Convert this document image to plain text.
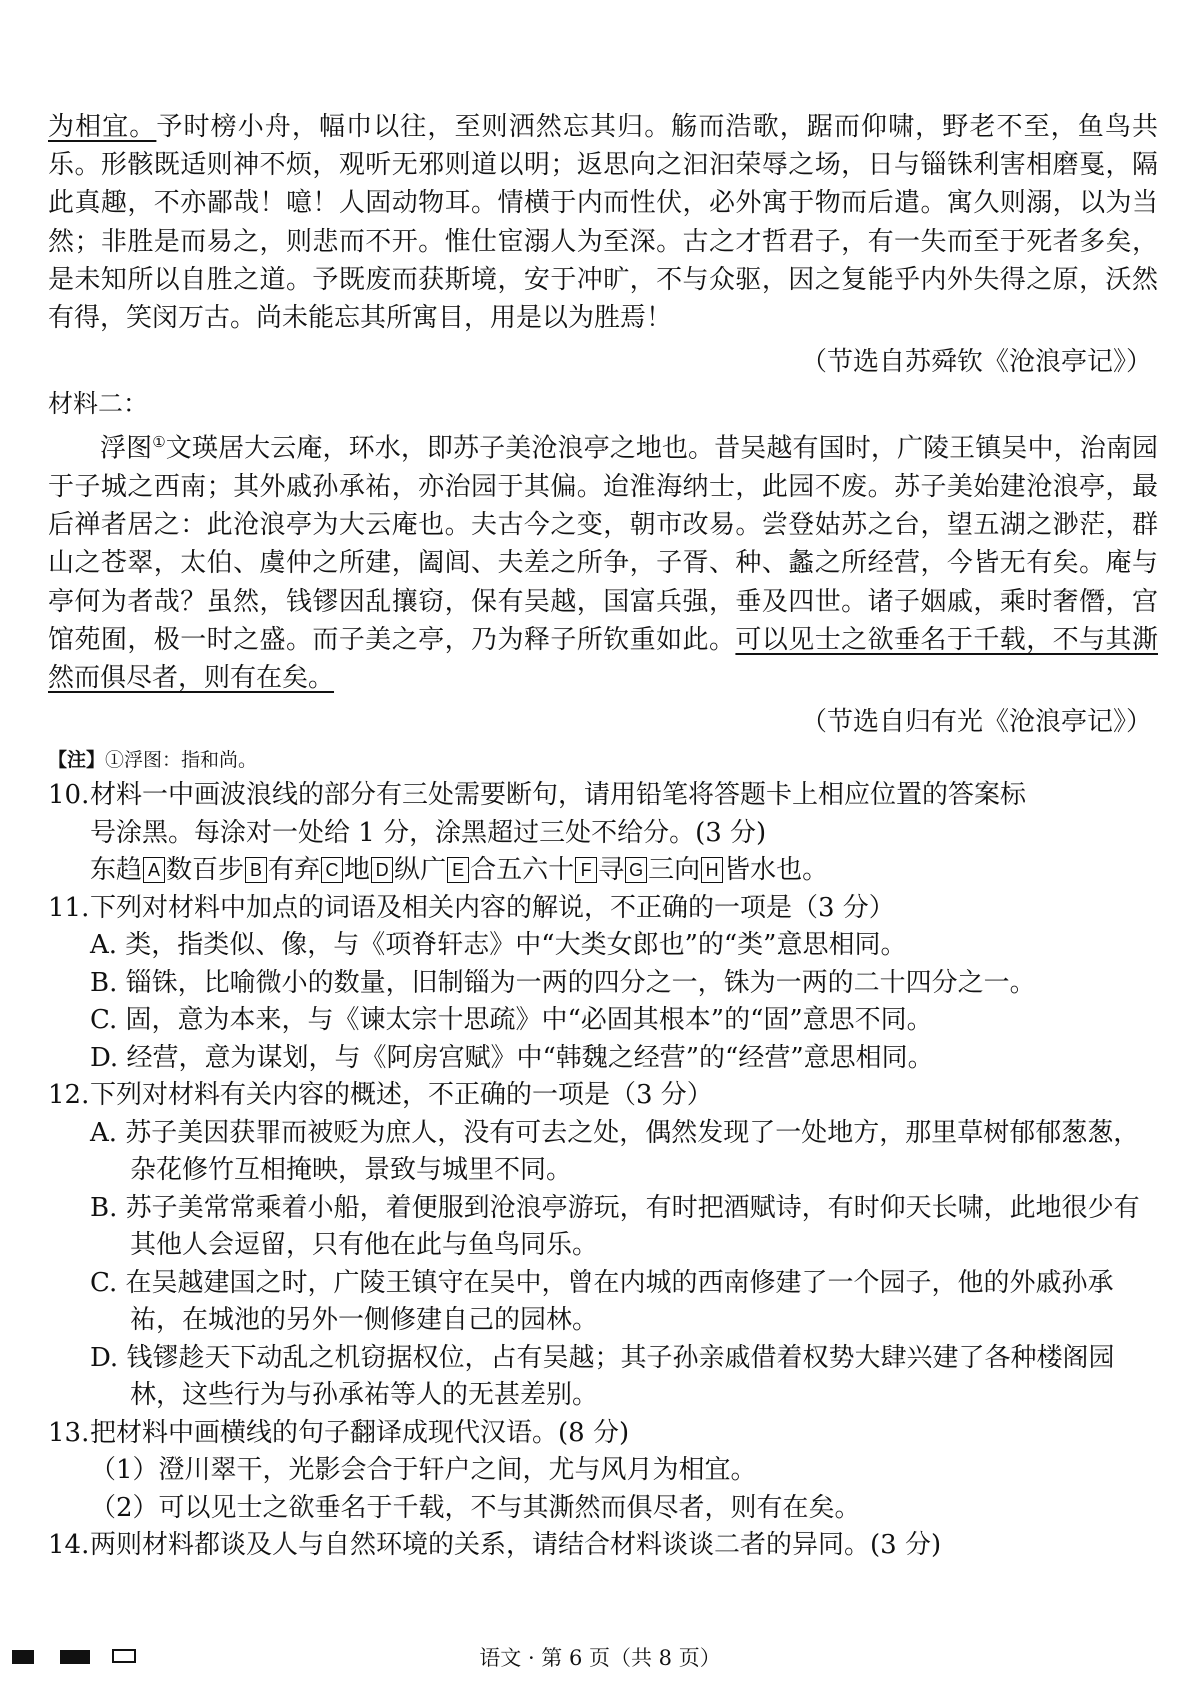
为相宜。予时榜小舟，幅巾以往，至则洒然忘其归。觞而浩歌，踞而仰啸，野老不至，鱼鸟共乐。形骸既适则神不烦，观听无邪则道以明；返思向之汩汩荣辱之场，日与锱铢利害相磨戛，隔此真趣，不亦鄙哉！噫！人固动物耳。情横于内而性伏，必外寓于物而后遣。寓久则溺，以为当然；非胜是而易之，则悲而不开。惟仕宦溺人为至深。古之才哲君子，有一失而至于死者多矣，是未知所以自胜之道。予既废而获斯境，安于冲旷，不与众驱，因之复能乎内外失得之原，沃然有得，笑闵万古。尚未能忘其所寓目，用是以为胜焉！

（节选自苏舜钦《沧浪亭记》）

材料二：

浮图①文瑛居大云庵，环水，即苏子美沧浪亭之地也。昔吴越有国时，广陵王镇吴中，治南园于子城之西南；其外戚孙承祐，亦治园于其偏。迨淮海纳士，此园不废。苏子美始建沧浪亭，最后禅者居之：此沧浪亭为大云庵也。夫古今之变，朝市改易。尝登姑苏之台，望五湖之渺茫，群山之苍翠，太伯、虞仲之所建，阖闾、夫差之所争，子胥、种、蠡之所经营，今皆无有矣。庵与亭何为者哉？虽然，钱镠因乱攘窃，保有吴越，国富兵强，垂及四世。诸子姻戚，乘时奢僭，宫馆苑囿，极一时之盛。而子美之亭，乃为释子所钦重如此。可以见士之欲垂名于千载，不与其澌然而俱尽者，则有在矣。

（节选自归有光《沧浪亭记》）

【注】①浮图：指和尚。

10.材料一中画波浪线的部分有三处需要断句，请用铅笔将答题卡上相应位置的答案标

号涂黑。每涂对一处给 1 分，涂黑超过三处不给分。(3 分)

东趋 A 数百步 B 有弃 C 地 D 纵广 E 合五六十 F 寻 G 三向 H 皆水也。

11.下列对材料中加点的词语及相关内容的解说，不正确的一项是（3 分）

A. 类，指类似、像，与《项脊轩志》中“大类女郎也”的“类”意思相同。

B. 锱铢，比喻微小的数量，旧制锱为一两的四分之一，铢为一两的二十四分之一。

C. 固，意为本来，与《谏太宗十思疏》中“必固其根本”的“固”意思不同。

D. 经营，意为谋划，与《阿房宫赋》中“韩魏之经营”的“经营”意思相同。

12.下列对材料有关内容的概述，不正确的一项是（3 分）

A. 苏子美因获罪而被贬为庶人，没有可去之处，偶然发现了一处地方，那里草树郁郁葱葱，杂花修竹互相掩映，景致与城里不同。

B. 苏子美常常乘着小船，着便服到沧浪亭游玩，有时把酒赋诗，有时仰天长啸，此地很少有其他人会逗留，只有他在此与鱼鸟同乐。

C. 在吴越建国之时，广陵王镇守在吴中，曾在内城的西南修建了一个园子，他的外戚孙承祐，在城池的另外一侧修建自己的园林。

D. 钱镠趁天下动乱之机窃据权位，占有吴越；其子孙亲戚借着权势大肆兴建了各种楼阁园林，这些行为与孙承祐等人的无甚差别。

13.把材料中画横线的句子翻译成现代汉语。(8 分)

（1）澄川翠干，光影会合于轩户之间，尤与风月为相宜。

（2）可以见士之欲垂名于千载，不与其澌然而俱尽者，则有在矣。

14.两则材料都谈及人与自然环境的关系，请结合材料谈谈二者的异同。(3 分)

语文 · 第 6 页（共 8 页）
